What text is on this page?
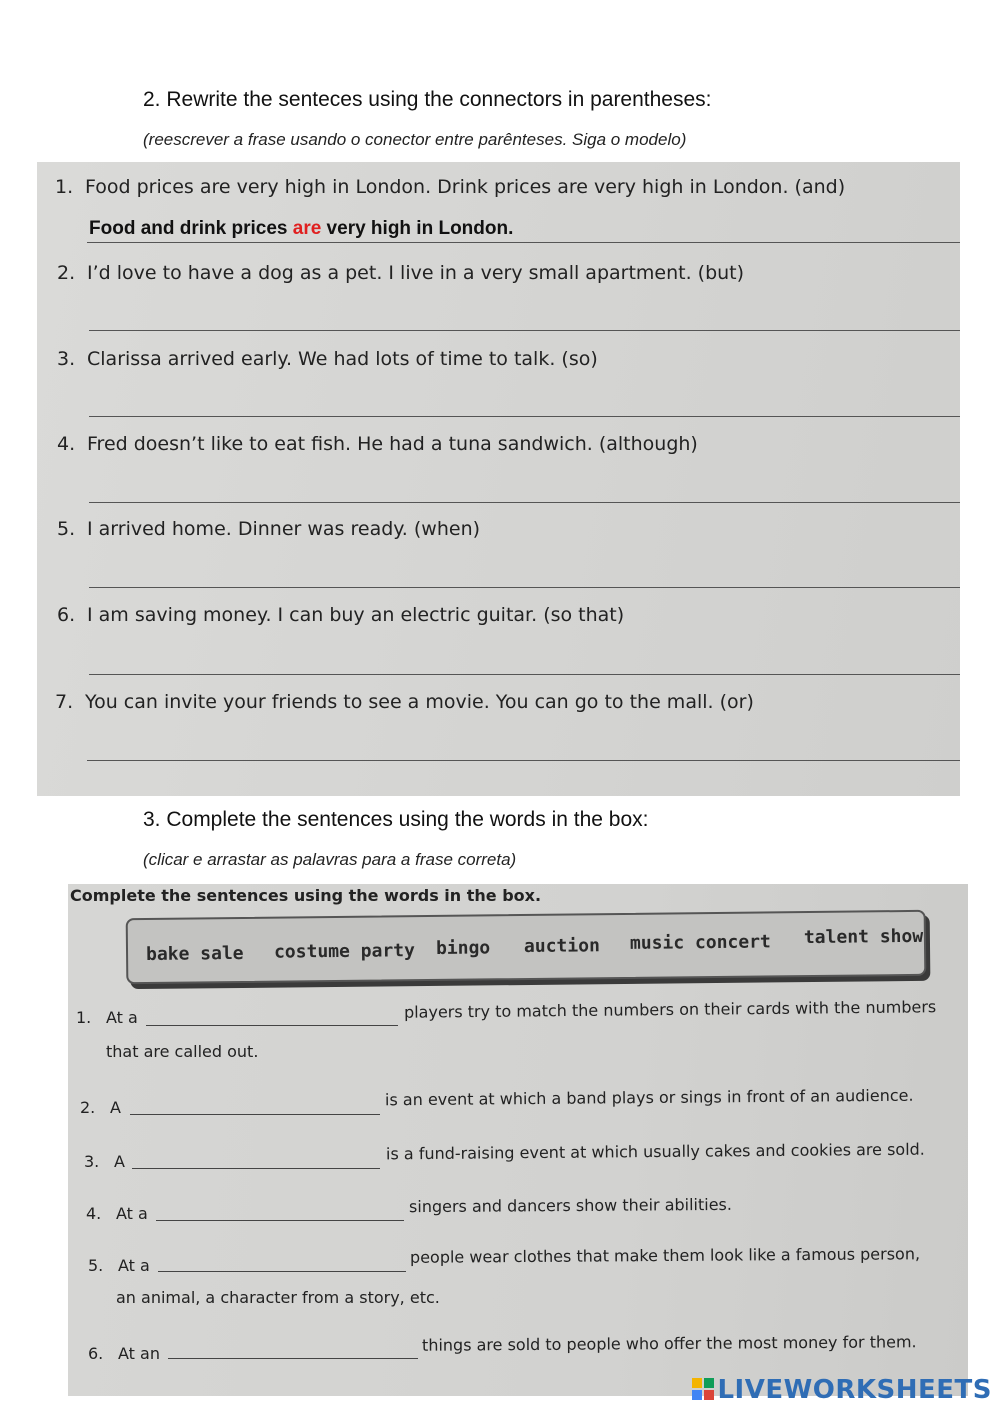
2. Rewrite the senteces using the connectors in parentheses:
(reescrever a frase usando o conector entre parênteses. Siga o modelo)
1. Food prices are very high in London. Drink prices are very high in London. (and)
Food and drink prices are very high in London.
2. I’d love to have a dog as a pet. I live in a very small apartment. (but)
3. Clarissa arrived early. We had lots of time to talk. (so)
4. Fred doesn’t like to eat fish. He had a tuna sandwich. (although)
5. I arrived home. Dinner was ready. (when)
6. I am saving money. I can buy an electric guitar. (so that)
7. You can invite your friends to see a movie. You can go to the mall. (or)
3. Complete the sentences using the words in the box:
(clicar e arrastar as palavras para a frase correta)
Complete the sentences using the words in the box.
bake sale costume party bingo auction music concert talent show
1. At a	players try to match the numbers on their cards with the numbers
that are called out.
2. A	is an event at which a band plays or sings in front of an audience.
3. A	is a fund-raising event at which usually cakes and cookies are sold.
4. At a	singers and dancers show their abilities.
5. At a	people wear clothes that make them look like a famous person,
an animal, a character from a story, etc.
6. At an	things are sold to people who offer the most money for them.
LIVEWORKSHEETS
